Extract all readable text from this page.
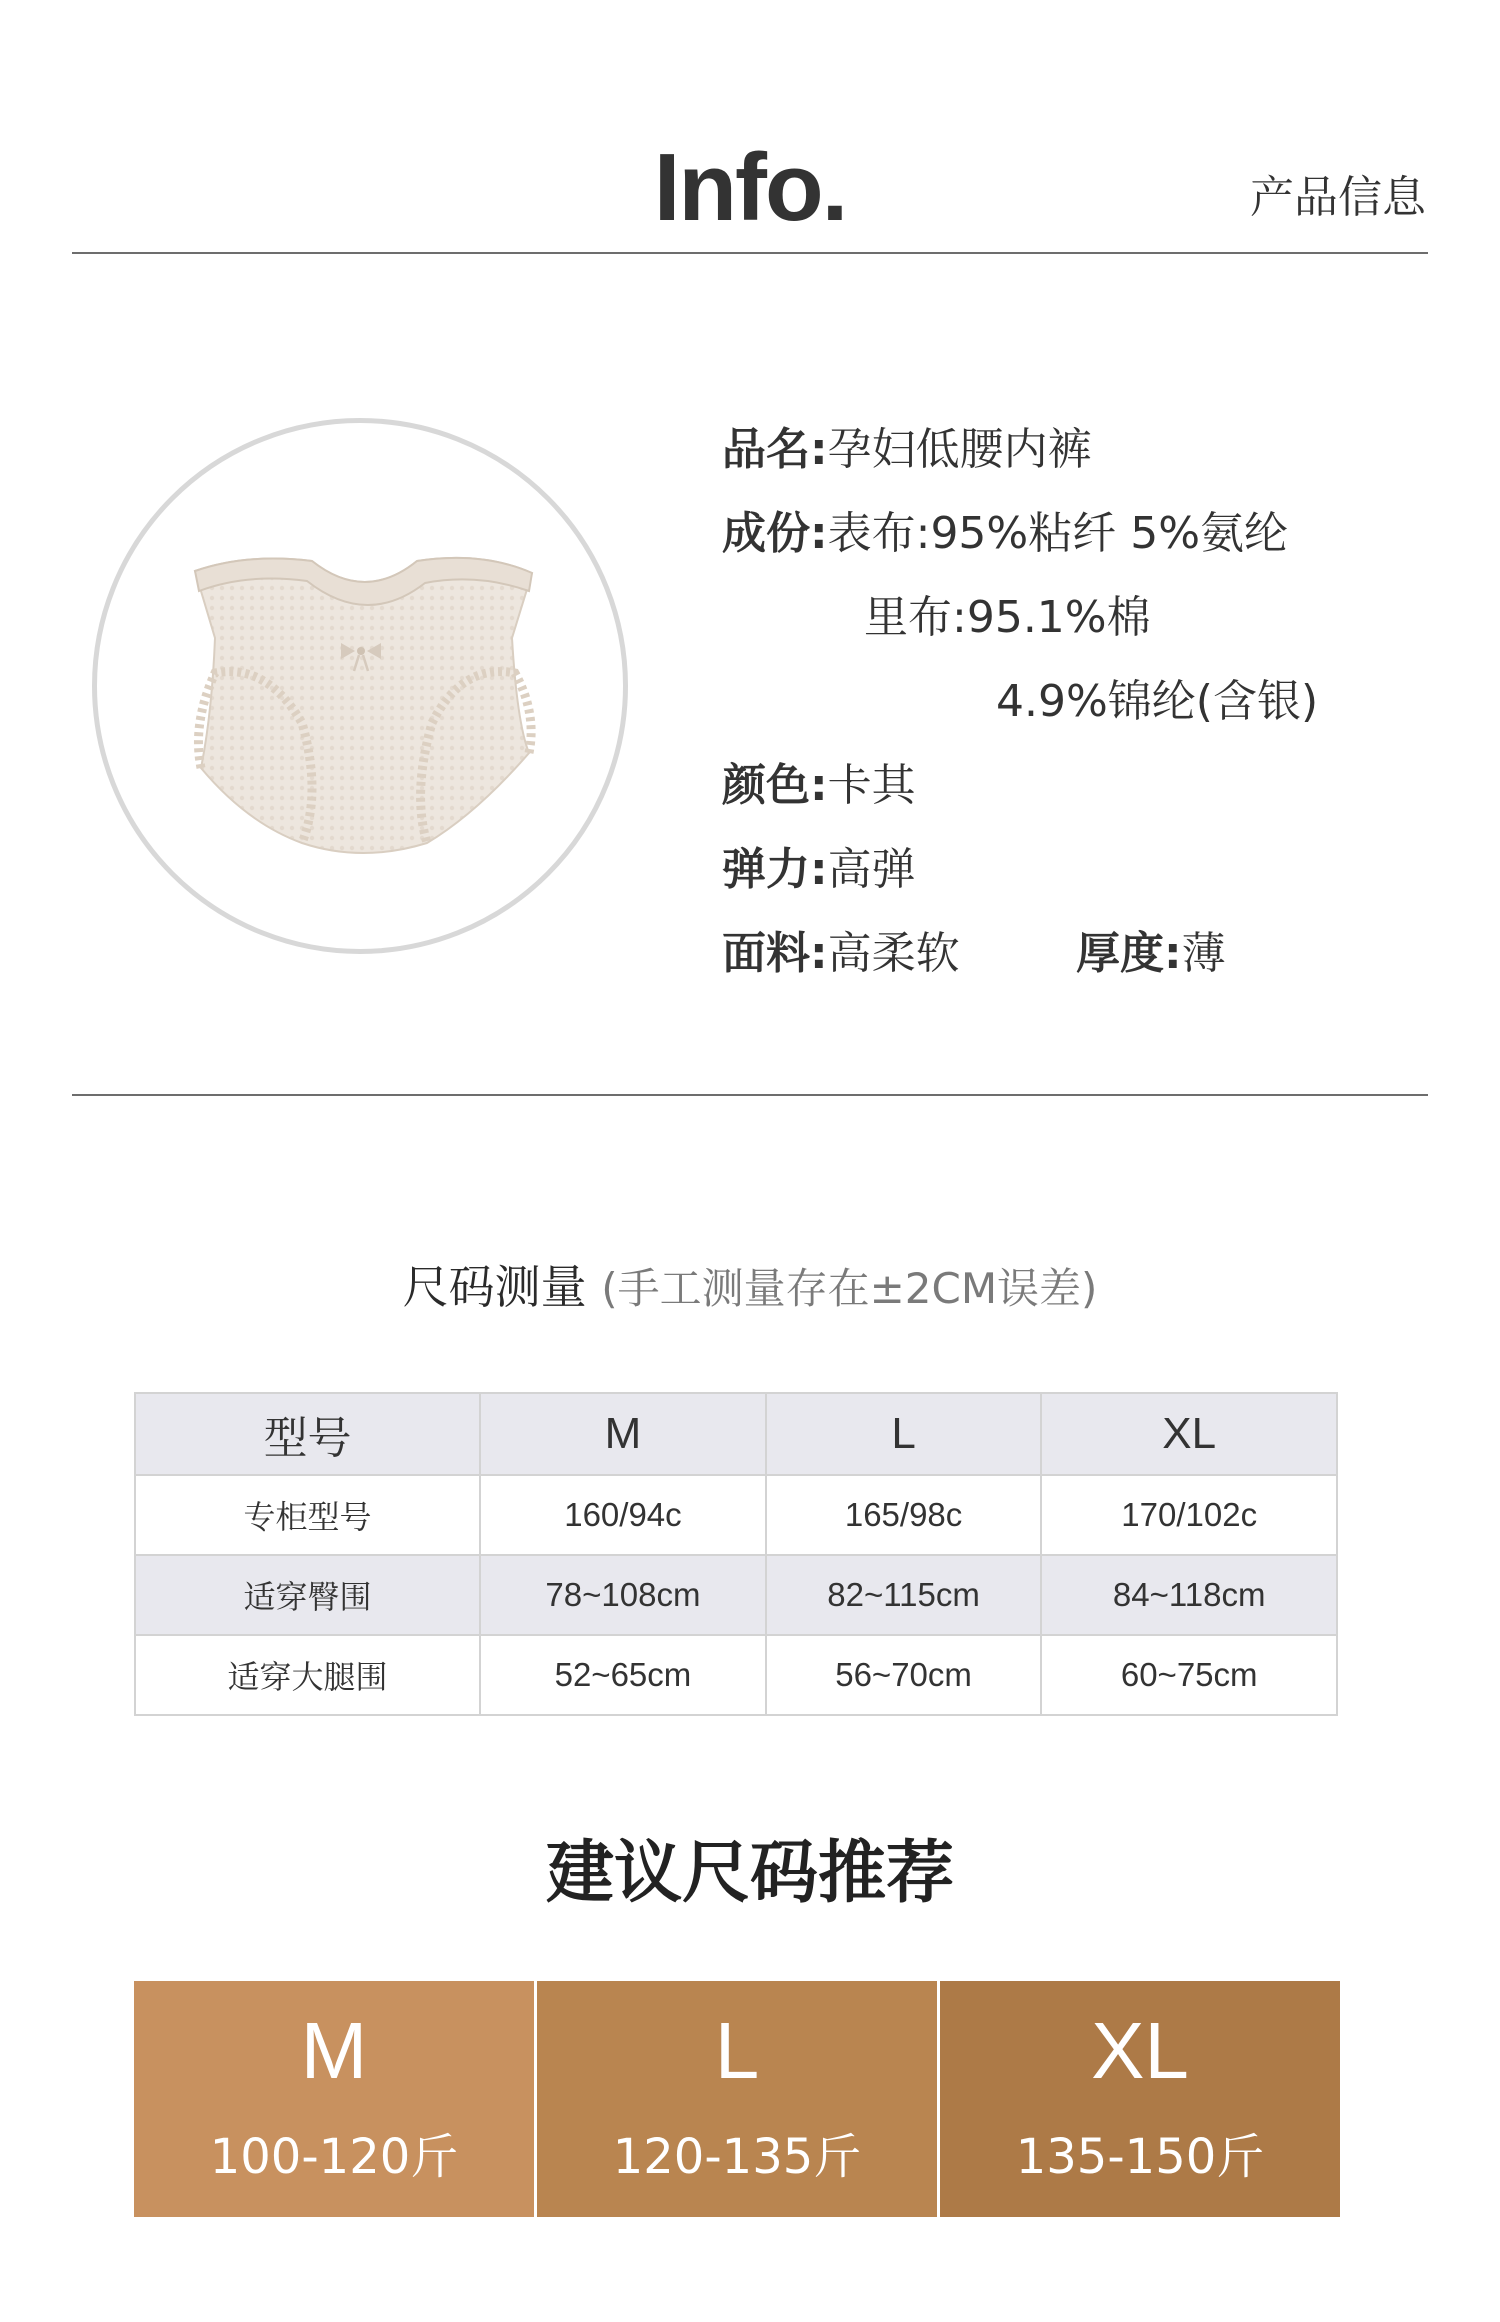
Info.	产品信息
品名:孕妇低腰内裤
成份:表布:95%粘纤 5%氨纶
里布:95.1%棉
4.9%锦纶(含银)
颜色:卡其
弹力:高弹
面料:高柔软	厚度:薄
尺码测量 (手工测量存在±2CM误差)
型号	M	L	XL
专柜型号	160/94c	165/98c	170/102c
适穿臀围	78~108cm	82~115cm	84~118cm
适穿大腿围	52~65cm	56~70cm	60~75cm
建议尺码推荐
M
100-120斤
L
120-135斤
XL
135-150斤
